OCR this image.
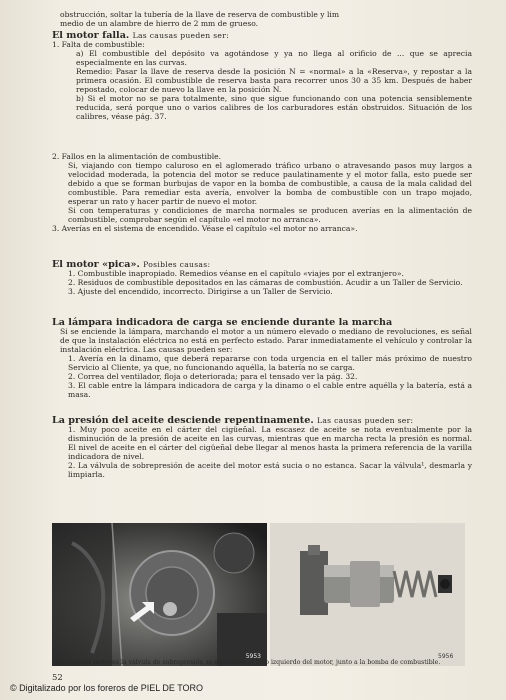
obstrucción, soltar la tubería de la llave de reserva de combustible y lim
medio de un alambre de hierro de 2 mm de grueso.
El motor falla. Las causas pueden ser:
1. Falta de combustible:
a) El combustible del depósito va agotándose y ya no llega al orificio de ... que se aprecia especialmente en las curvas.
Remedio: Pasar la llave de reserva desde la posición N = «normal» a la «Reserva», y repostar a la primera ocasión. El combustible de reserva basta para recorrer unos 30 a 35 km. Después de haber repostado, colocar de nuevo la llave en la posición N.
b) Si el motor no se para totalmente, sino que sigue funcionando con una potencia sensiblemente reducida, será porque uno o varios calibres de los carburadores están obstruidos. Situación de los calibres, véase pág. 37.
2. Fallos en la alimentación de combustible.
Si, viajando con tiempo caluroso en el aglomerado tráfico urbano o atravesando pasos muy largos a velocidad moderada, la potencia del motor se reduce paulatinamente y el motor falla, esto puede ser debido a que se forman burbujas de vapor en la bomba de combustible, a causa de la mala calidad del combustible. Para remediar esta avería, envolver la bomba de combustible con un trapo mojado, esperar un rato y hacer partir de nuevo el motor.
Si con temperaturas y condiciones de marcha normales se producen averías en la alimentación de combustible, comprobar según el capítulo «el motor no arranca».
3. Averías en el sistema de encendido. Véase el capítulo «el motor no arranca».
El motor «pica». Posibles causas:
1. Combustible inapropiado. Remedios véanse en el capítulo «viajes por el extranjero».
2. Residuos de combustible depositados en las cámaras de combustión. Acudir a un Taller de Servicio.
3. Ajuste del encendido, incorrecto. Dirigirse a un Taller de Servicio.
La lámpara indicadora de carga se enciende durante la marcha
Si se enciende la lámpara, marchando el motor a un número elevado o mediano de revoluciones, es señal de que la instalación eléctrica no está en perfecto estado. Parar inmediatamente el vehículo y controlar la instalación eléctrica. Las causas pueden ser:
1. Avería en la dinamo, que deberá repararse con toda urgencia en el taller más próximo de nuestro Servicio al Cliente, ya que, no funcionando aquélla, la batería no se carga.
2. Correa del ventilador, floja o deteriorada; para el tensado ver la pág. 32.
3. El cable entre la lámpara indicadora de carga y la dinamo o el cable entre aquélla y la batería, está a masa.
La presión del aceite desciende repentinamente. Las causas pueden ser:
1. Muy poco aceite en el cárter del cigüeñal. La escasez de aceite se nota eventualmente por la disminución de la presión de aceite en las curvas, mientras que en marcha recta la presión es normal. El nivel de aceite en el cárter del cigüeñal debe llegar al menos hasta la primera referencia de la varilla indicadora de nivel.
2. La válvula de sobrepresión de aceite del motor está sucia o no estanca. Sacar la válvula¹, desmarla y limpiarla.
5953	5956
¹ En algunos motores la válvula de sobrepresión se encuentra al lado izquierdo del motor, junto a la bomba de combustible.
52
© Digitalizado por los foreros de PIEL DE TORO
